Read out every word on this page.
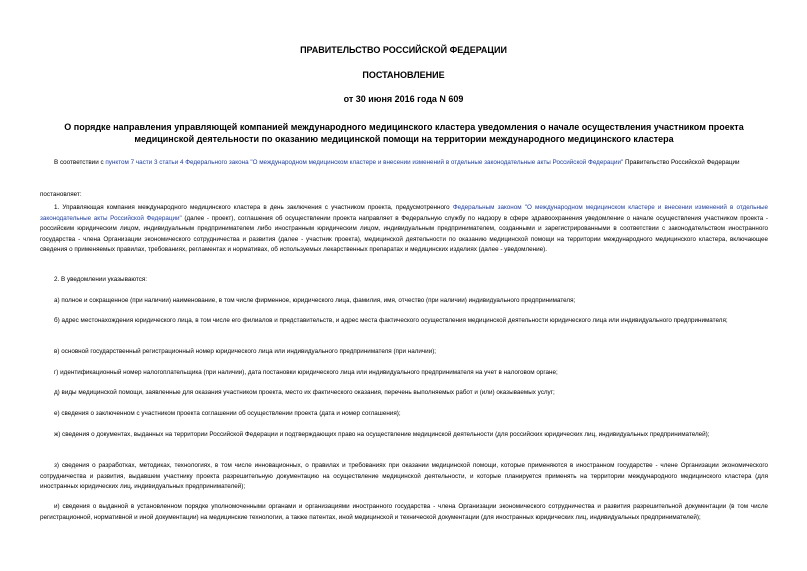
ПРАВИТЕЛЬСТВО РОССИЙСКОЙ ФЕДЕРАЦИИ

ПОСТАНОВЛЕНИЕ

от 30 июня 2016 года N 609

О порядке направления управляющей компанией международного медицинского кластера уведомления о начале осуществления участником проекта медицинской деятельности по оказанию медицинской помощи на территории международного медицинского кластера

В соответствии с пунктом 7 части 3 статьи 4 Федерального закона "О международном медицинском кластере и внесении изменений в отдельные законодательные акты Российской Федерации" Правительство Российской Федерации

постановляет:

1. Управляющая компания международного медицинского кластера в день заключения с участником проекта, предусмотренного Федеральным законом "О международном медицинском кластере и внесении изменений в отдельные законодательные акты Российской Федерации" (далее - проект), соглашения об осуществлении проекта направляет в Федеральную службу по надзору в сфере здравоохранения уведомление о начале осуществления участником проекта - российским юридическим лицом, индивидуальным предпринимателем либо иностранным юридическим лицом, индивидуальным предпринимателем, созданными и зарегистрированными в соответствии с законодательством иностранного государства - члена Организации экономического сотрудничества и развития (далее - участник проекта), медицинской деятельности по оказанию медицинской помощи на территории международного медицинского кластера, включающее сведения о применяемых правилах, требованиях, регламентах и нормативах, об используемых лекарственных препаратах и медицинских изделиях (далее - уведомление).

2. В уведомлении указываются:

а) полное и сокращенное (при наличии) наименование, в том числе фирменное, юридического лица, фамилия, имя, отчество (при наличии) индивидуального предпринимателя;

б) адрес местонахождения юридического лица, в том числе его филиалов и представительств, и адрес места фактического осуществления медицинской деятельности юридического лица или индивидуального предпринимателя;

в) основной государственный регистрационный номер юридического лица или индивидуального предпринимателя (при наличии);

г) идентификационный номер налогоплательщика (при наличии), дата постановки юридического лица или индивидуального предпринимателя на учет в налоговом органе;

д) виды медицинской помощи, заявленные для оказания участником проекта, место их фактического оказания, перечень выполняемых работ и (или) оказываемых услуг;

е) сведения о заключенном с участником проекта соглашении об осуществлении проекта (дата и номер соглашения);

ж) сведения о документах, выданных на территории Российской Федерации и подтверждающих право на осуществление медицинской деятельности (для российских юридических лиц, индивидуальных предпринимателей);

з) сведения о разработках, методиках, технологиях, в том числе инновационных, о правилах и требованиях при оказании медицинской помощи, которые применяются в иностранном государстве - члене Организации экономического сотрудничества и развития, выдавшем участнику проекта разрешительную документацию на осуществление медицинской деятельности, и которые планируется применять на территории международного медицинского кластера (для иностранных юридических лиц, индивидуальных предпринимателей);

и) сведения о выданной в установленном порядке уполномоченными органами и организациями иностранного государства - члена Организации экономического сотрудничества и развития разрешительной документации (в том числе регистрационной, нормативной и иной документации) на медицинские технологии, а также патентах, иной медицинской и технической документации (для иностранных юридических лиц, индивидуальных предпринимателей);
